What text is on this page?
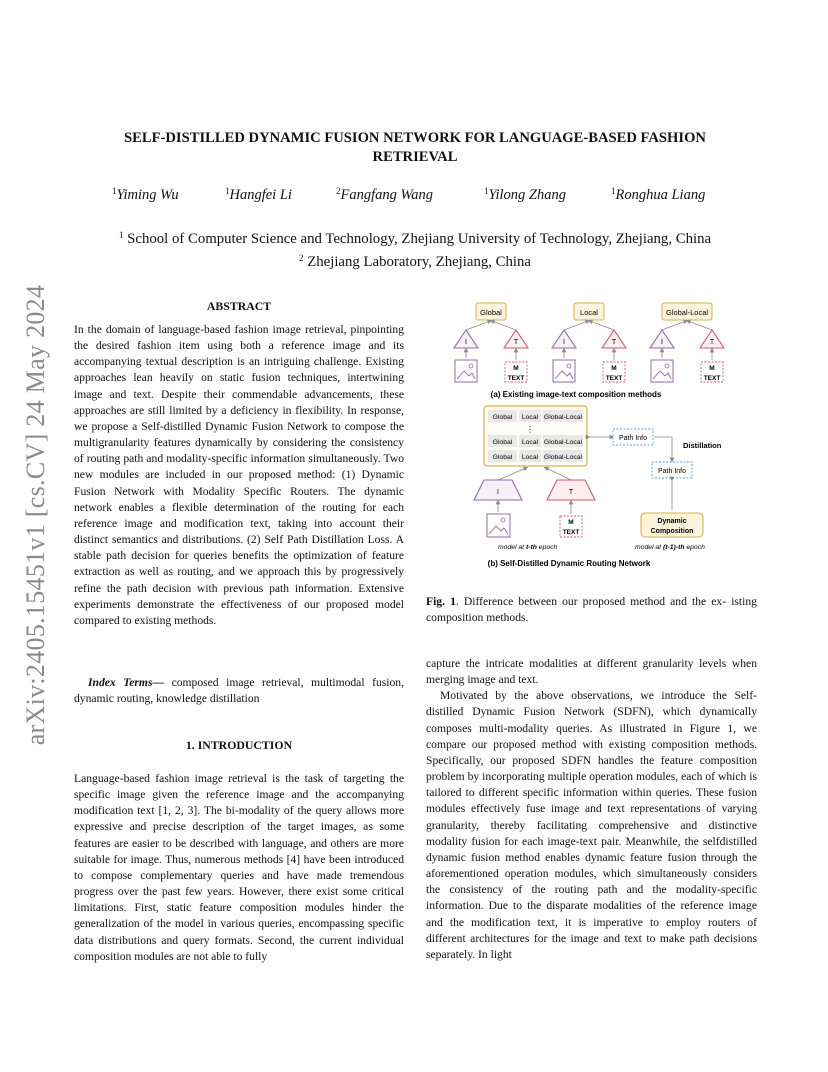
arXiv:2405.15451v1 [cs.CV] 24 May 2024
SELF-DISTILLED DYNAMIC FUSION NETWORK FOR LANGUAGE-BASED FASHION
RETRIEVAL
$^1$Yiming Wu	$^1$Hangfei Li	$^2$Fangfang Wang	$^1$Yilong Zhang	$^1$Ronghua Liang
$^1$ School of Computer Science and Technology, Zhejiang University of Technology, Zhejiang, China
$^2$ Zhejiang Laboratory, Zhejiang, China
ABSTRACT

In the domain of language-based fashion image retrieval, pinpointing the desired fashion item using both a reference image and its accompanying textual description is an intriguing challenge. Existing approaches lean heavily on static fusion techniques, intertwining image and text. Despite their commendable advancements, these approaches are still limited by a deficiency in flexibility. In response, we propose a Self-distilled Dynamic Fusion Network to compose the multigranularity features dynamically by considering the consistency of routing path and modality-specific information simultaneously. Two new modules are included in our proposed method: (1) Dynamic Fusion Network with Modality Specific Routers. The dynamic network enables a flexible determination of the routing for each reference image and modification text, taking into account their distinct semantics and distributions. (2) Self Path Distillation Loss. A stable path decision for queries benefits the optimization of feature extraction as well as routing, and we approach this by progressively refine the path decision with previous path information. Extensive experiments demonstrate the effectiveness of our proposed model compared to existing methods.

Index Terms— composed image retrieval, multimodal fusion, dynamic routing, knowledge distillation

1. INTRODUCTION

Language-based fashion image retrieval is the task of targeting the specific image given the reference image and the accompanying modification text [1, 2, 3]. The bi-modality of the query allows more expressive and precise description of the target images, as some features are easier to be described with language, and others are more suitable for image. Thus, numerous methods [4] have been introduced to compose complementary queries and have made tremendous progress over the past few years. However, there exist some critical limitations. First, static feature composition modules hinder the generalization of the model in various queries, encompassing specific data distributions and query formats. Second, the current individual composition modules are not able to fully

Global
I	T
M
TEXT
Local
I	T
M
TEXT
Global-Local
I	T
M
TEXT
(a) Existing image-text composition methods
Global Local Global-Local
⋮
Global Local Global-Local
Global Local Global-Local
Path Info
Distillation
Path Info
Dynamic
Composition
I	T
M
TEXT
model at t-th epoch	model at (t-1)-th epoch
(b) Self-Distilled Dynamic Routing Network

Fig. 1. Difference between our proposed method and the ex- isting composition methods.

capture the intricate modalities at different granularity levels when merging image and text.

Motivated by the above observations, we introduce the Self-distilled Dynamic Fusion Network (SDFN), which dynamically composes multi-modality queries. As illustrated in Figure 1, we compare our proposed method with existing composition methods. Specifically, our proposed SDFN handles the feature composition problem by incorporating multiple operation modules, each of which is tailored to different specific information within queries. These fusion modules effectively fuse image and text representations of varying granularity, thereby facilitating comprehensive and distinctive modality fusion for each image-text pair. Meanwhile, the selfdistilled dynamic fusion method enables dynamic feature fusion through the aforementioned operation modules, which simultaneously considers the consistency of the routing path and the modality-specific information. Due to the disparate modalities of the reference image and the modification text, it is imperative to employ routers of different architectures for the image and text to make path decisions separately. In light
